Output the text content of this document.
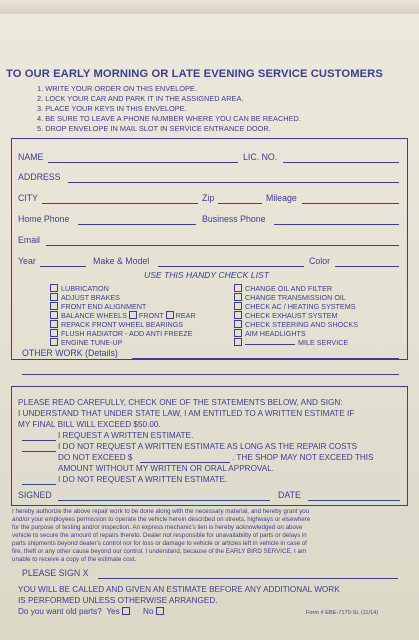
TO OUR EARLY MORNING OR LATE EVENING SERVICE CUSTOMERS
1. WRITE YOUR ORDER ON THIS ENVELOPE.
2. LOCK YOUR CAR AND PARK IT IN THE ASSIGNED AREA.
3. PLACE YOUR KEYS IN THIS ENVELOPE.
4. BE SURE TO LEAVE A PHONE NUMBER WHERE YOU CAN BE REACHED.
5. DROP ENVELOPE IN MAIL SLOT IN SERVICE ENTRANCE DOOR.
NAME	LIC. NO.
ADDRESS
CITY	Zip	Mileage
Home Phone	Business Phone
Email
Year	Make & Model	Color
USE THIS HANDY CHECK LIST
LUBRICATION
ADJUST BRAKES
FRONT END ALIGNMENT
BALANCE WHEELS FRONT REAR
REPACK FRONT WHEEL BEARINGS
FLUSH RADIATOR - ADD ANTI FREEZE
ENGINE TUNE-UP
CHANGE OIL AND FILTER
CHANGE TRANSMISSION OIL
CHECK AC / HEATING SYSTEMS
CHECK EXHAUST SYSTEM
CHECK STEERING AND SHOCKS
AIM HEADLIGHTS
MILE SERVICE
OTHER WORK (Details)
PLEASE READ CAREFULLY, CHECK ONE OF THE STATEMENTS BELOW, AND SIGN:
I UNDERSTAND THAT UNDER STATE LAW, I AM ENTITLED TO A WRITTEN ESTIMATE IF
MY FINAL BILL WILL EXCEED $50.00.
I REQUEST A WRITTEN ESTIMATE.
I DO NOT REQUEST A WRITTEN ESTIMATE AS LONG AS THE REPAIR COSTS
DO NOT EXCEED $	. THE SHOP MAY NOT EXCEED THIS
AMOUNT WITHOUT MY WRITTEN OR ORAL APPROVAL.
I DO NOT REQUEST A WRITTEN ESTIMATE.
SIGNED	DATE
I hereby authorize the above repair work to be done along with the necessary material, and hereby grant you
and/or your employees permission to operate the vehicle herein described on streets, highways or elsewhere
for the purpose of testing and/or inspection. An express mechanic's lien is hereby acknowledged on above
vehicle to secure the amount of repairs thereto. Dealer not responsible for unavailability of parts or delays in
parts shipments beyond dealer's control nor for loss or damage to vehicle or articles left in vehicle in case of
fire, theft or any other cause beyond our control. I understand, because of the EARLY BIRD SERVICE, I am
unable to receive a copy of the estimate cost.
PLEASE SIGN X
YOU WILL BE CALLED AND GIVEN AN ESTIMATE BEFORE ANY ADDITIONAL WORK
IS PERFORMED UNLESS OTHERWISE ARRANGED.
Do you want old parts? Yes	No	Form # EBE-7170-SL (11/14)
